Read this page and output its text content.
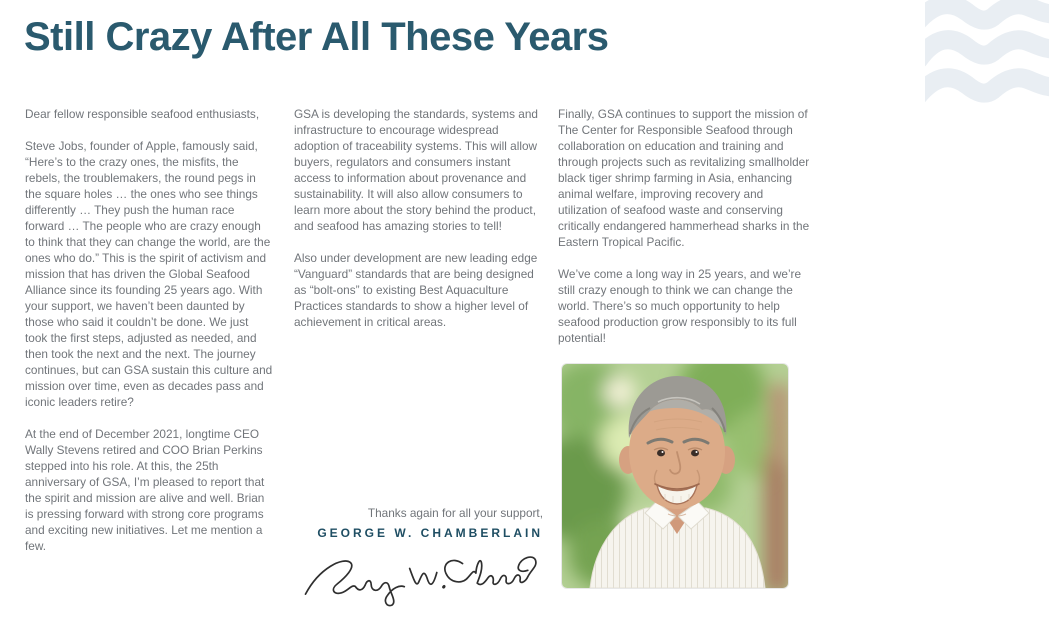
Still Crazy After All These Years

Dear fellow responsible seafood enthusiasts,

Steve Jobs, founder of Apple, famously said, “Here’s to the crazy ones, the misfits, the rebels, the troublemakers, the round pegs in the square holes … the ones who see things differently … They push the human race forward … The people who are crazy enough to think that they can change the world, are the ones who do.” This is the spirit of activism and mission that has driven the Global Seafood Alliance since its founding 25 years ago. With your support, we haven’t been daunted by those who said it couldn’t be done. We just took the first steps, adjusted as needed, and then took the next and the next. The journey continues, but can GSA sustain this culture and mission over time, even as decades pass and iconic leaders retire?

At the end of December 2021, longtime CEO Wally Stevens retired and COO Brian Perkins stepped into his role. At this, the 25th anniversary of GSA, I’m pleased to report that the spirit and mission are alive and well. Brian is pressing forward with strong core programs and exciting new initiatives. Let me mention a few.

GSA is developing the standards, systems and infrastructure to encourage widespread adoption of traceability systems. This will allow buyers, regulators and consumers instant access to information about provenance and sustainability. It will also allow consumers to learn more about the story behind the product, and seafood has amazing stories to tell!

Also under development are new leading edge “Vanguard” standards that are being designed as “bolt-ons” to existing Best Aquaculture Practices standards to show a higher level of achievement in critical areas.

Finally, GSA continues to support the mission of The Center for Responsible Seafood through collaboration on education and training and through projects such as revitalizing smallholder black tiger shrimp farming in Asia, enhancing animal welfare, improving recovery and utilization of seafood waste and conserving critically endangered hammerhead sharks in the Eastern Tropical Pacific.

We’ve come a long way in 25 years, and we’re still crazy enough to think we can change the world. There’s so much opportunity to help seafood production grow responsibly to its full potential!

Thanks again for all your support,

GEORGE W. CHAMBERLAIN
